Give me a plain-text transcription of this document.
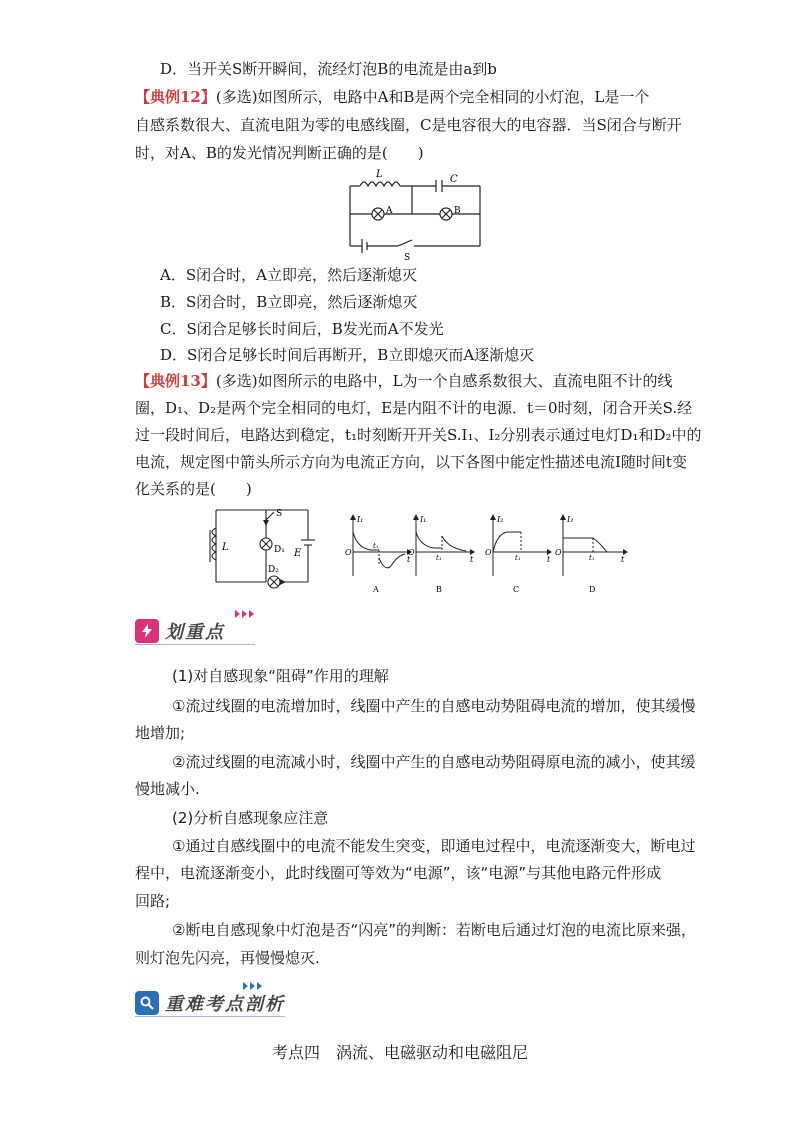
D．当开关S断开瞬间，流经灯泡B的电流是由a到b
【典例12】(多选)如图所示，电路中A和B是两个完全相同的小灯泡，L是一个
自感系数很大、直流电阻为零的电感线圈，C是电容很大的电容器．当S闭合与断开
时，对A、B的发光情况判断正确的是(　　)
L	C
A	B
S
A．S闭合时，A立即亮，然后逐渐熄灭
B．S闭合时，B立即亮，然后逐渐熄灭
C．S闭合足够长时间后，B发光而A不发光
D．S闭合足够长时间后再断开，B立即熄灭而A逐渐熄灭
【典例13】(多选)如图所示的电路中，L为一个自感系数很大、直流电阻不计的线
圈，D₁、D₂是两个完全相同的电灯，E是内阻不计的电源．t＝0时刻，闭合开关S.经
过一段时间后，电路达到稳定，t₁时刻断开开关S.I₁、I₂分别表示通过电灯D₁和D₂中的
电流，规定图中箭头所示方向为电流正方向，以下各图中能定性描述电流I随时间t变
化关系的是(　　)
S
L	D₁
D₂
E
I₁
O
t₁
t
A
I₁
O
t₁	t
B
I₂
O
t₁	t
C
I₂
O
t₁	t
D
划重点
(1)对自感现象“阻碍”作用的理解
①流过线圈的电流增加时，线圈中产生的自感电动势阻碍电流的增加，使其缓慢
地增加;
②流过线圈的电流减小时，线圈中产生的自感电动势阻碍原电流的减小，使其缓
慢地减小.
(2)分析自感现象应注意
①通过自感线圈中的电流不能发生突变，即通电过程中，电流逐渐变大，断电过
程中，电流逐渐变小，此时线圈可等效为“电源”，该“电源”与其他电路元件形成
回路;
②断电自感现象中灯泡是否“闪亮”的判断：若断电后通过灯泡的电流比原来强，
则灯泡先闪亮，再慢慢熄灭.
重难考点剖析
考点四　涡流、电磁驱动和电磁阻尼
